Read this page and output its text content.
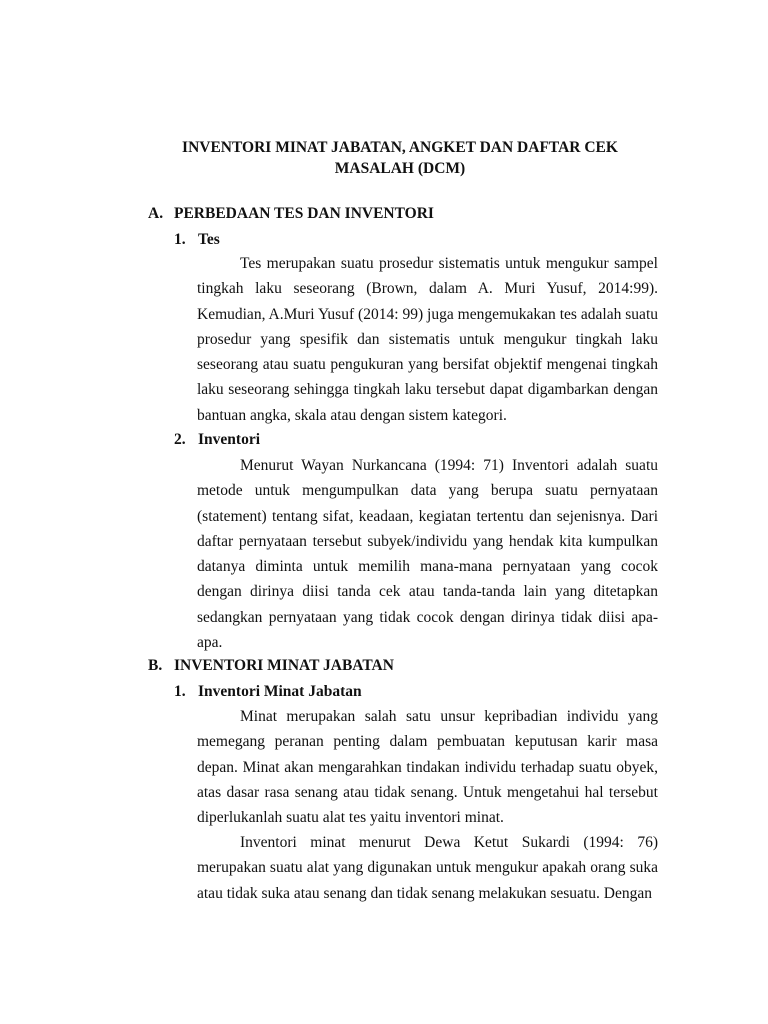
INVENTORI MINAT JABATAN, ANGKET DAN DAFTAR CEK
MASALAH (DCM)
A. PERBEDAAN TES DAN INVENTORI
1. Tes

Tes merupakan suatu prosedur sistematis untuk mengukur sampel tingkah laku seseorang (Brown, dalam A. Muri Yusuf, 2014:99). Kemudian, A.Muri Yusuf (2014: 99) juga mengemukakan tes adalah suatu prosedur yang spesifik dan sistematis untuk mengukur tingkah laku seseorang atau suatu pengukuran yang bersifat objektif mengenai tingkah laku seseorang sehingga tingkah laku tersebut dapat digambarkan dengan bantuan angka, skala atau dengan sistem kategori.

2. Inventori

Menurut Wayan Nurkancana (1994: 71) Inventori adalah suatu metode untuk mengumpulkan data yang berupa suatu pernyataan (statement) tentang sifat, keadaan, kegiatan tertentu dan sejenisnya. Dari daftar pernyataan tersebut subyek/individu yang hendak kita kumpulkan datanya diminta untuk memilih mana-mana pernyataan yang cocok dengan dirinya diisi tanda cek atau tanda-tanda lain yang ditetapkan sedangkan pernyataan yang tidak cocok dengan dirinya tidak diisi apa-apa.

B. INVENTORI MINAT JABATAN
1. Inventori Minat Jabatan

Minat merupakan salah satu unsur kepribadian individu yang memegang peranan penting dalam pembuatan keputusan karir masa depan. Minat akan mengarahkan tindakan individu terhadap suatu obyek, atas dasar rasa senang atau tidak senang. Untuk mengetahui hal tersebut diperlukanlah suatu alat tes yaitu inventori minat.

Inventori minat menurut Dewa Ketut Sukardi (1994: 76) merupakan suatu alat yang digunakan untuk mengukur apakah orang suka atau tidak suka atau senang dan tidak senang melakukan sesuatu. Dengan
